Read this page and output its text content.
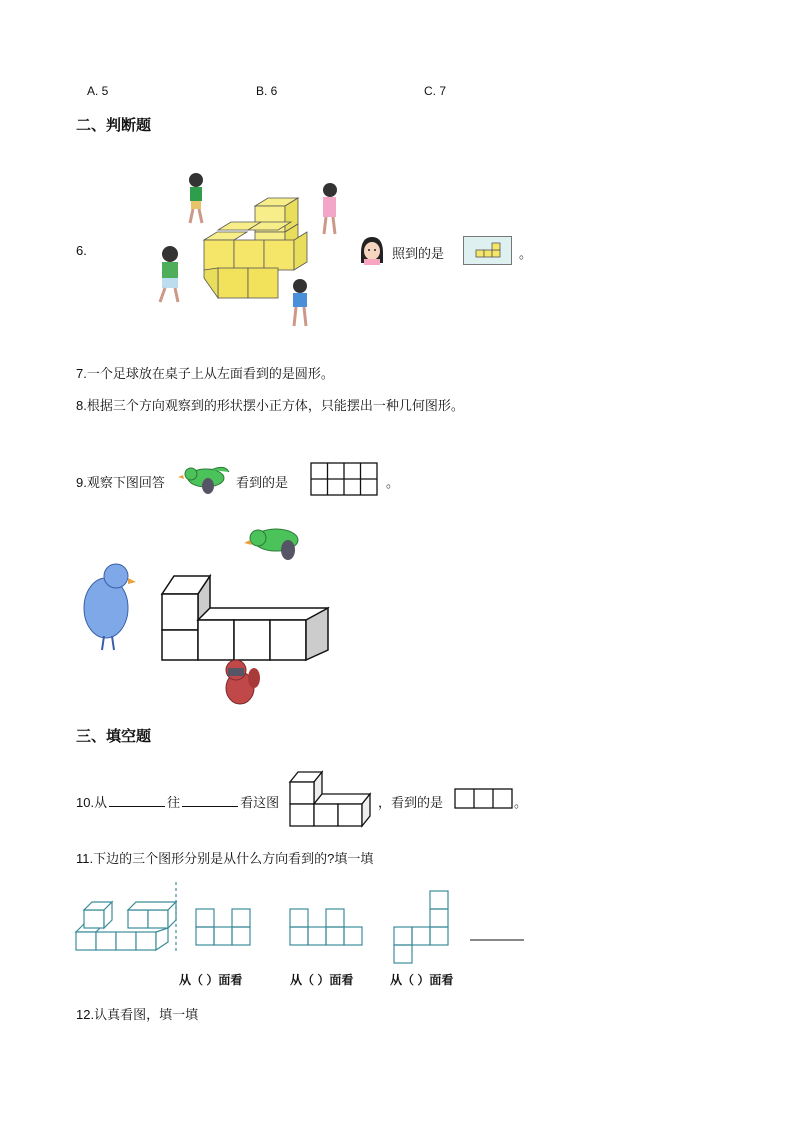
A. 5	B. 6	C. 7
二、判断题
6.	照到的是	。
7.一个足球放在桌子上从左面看到的是圆形。
8.根据三个方向观察到的形状摆小正方体，只能摆出一种几何图形。
9.观察下图回答	看到的是	。
三、填空题
10.从	往	看这图	，看到的是	。
11.下边的三个图形分别是从什么方向看到的?填一填
从（ ）面看	从（ ）面看	从（ ）面看
12.认真看图，填一填
